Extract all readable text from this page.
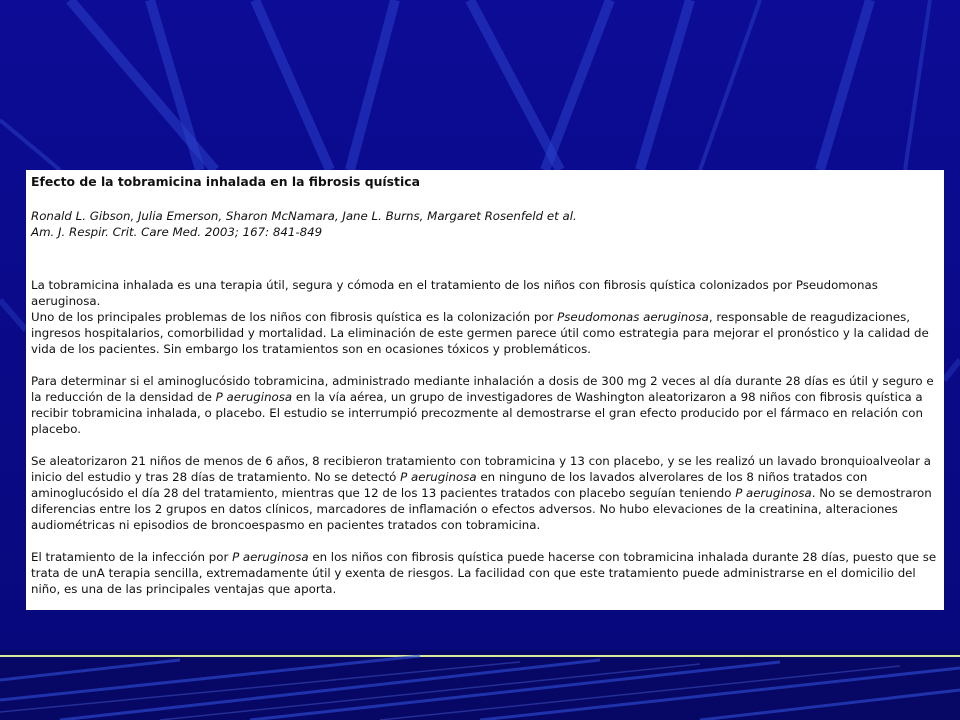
Efecto de la tobramicina inhalada en la fibrosis quística
Ronald L. Gibson, Julia Emerson, Sharon McNamara, Jane L. Burns, Margaret Rosenfeld et al.
Am. J. Respir. Crit. Care Med. 2003; 167: 841-849
La tobramicina inhalada es una terapia útil, segura y cómoda en el tratamiento de los niños con fibrosis quística colonizados por Pseudomonas
aeruginosa.
Uno de los principales problemas de los niños con fibrosis quística es la colonización por Pseudomonas aeruginosa, responsable de reagudizaciones,
ingresos hospitalarios, comorbilidad y mortalidad. La eliminación de este germen parece útil como estrategia para mejorar el pronóstico y la calidad de
vida de los pacientes. Sin embargo los tratamientos son en ocasiones tóxicos y problemáticos.
Para determinar si el aminoglucósido tobramicina, administrado mediante inhalación a dosis de 300 mg 2 veces al día durante 28 días es útil y seguro e
la reducción de la densidad de P aeruginosa en la vía aérea, un grupo de investigadores de Washington aleatorizaron a 98 niños con fibrosis quística a
recibir tobramicina inhalada, o placebo. El estudio se interrumpió precozmente al demostrarse el gran efecto producido por el fármaco en relación con
placebo.
Se aleatorizaron 21 niños de menos de 6 años, 8 recibieron tratamiento con tobramicina y 13 con placebo, y se les realizó un lavado bronquioalveolar a
inicio del estudio y tras 28 días de tratamiento. No se detectó P aeruginosa en ninguno de los lavados alverolares de los 8 niños tratados con
aminoglucósido el día 28 del tratamiento, mientras que 12 de los 13 pacientes tratados con placebo seguían teniendo P aeruginosa. No se demostraron
diferencias entre los 2 grupos en datos clínicos, marcadores de inflamación o efectos adversos. No hubo elevaciones de la creatinina, alteraciones
audiométricas ni episodios de broncoespasmo en pacientes tratados con tobramicina.
El tratamiento de la infección por P aeruginosa en los niños con fibrosis quística puede hacerse con tobramicina inhalada durante 28 días, puesto que se
trata de unA terapia sencilla, extremadamente útil y exenta de riesgos. La facilidad con que este tratamiento puede administrarse en el domicilio del
niño, es una de las principales ventajas que aporta.
